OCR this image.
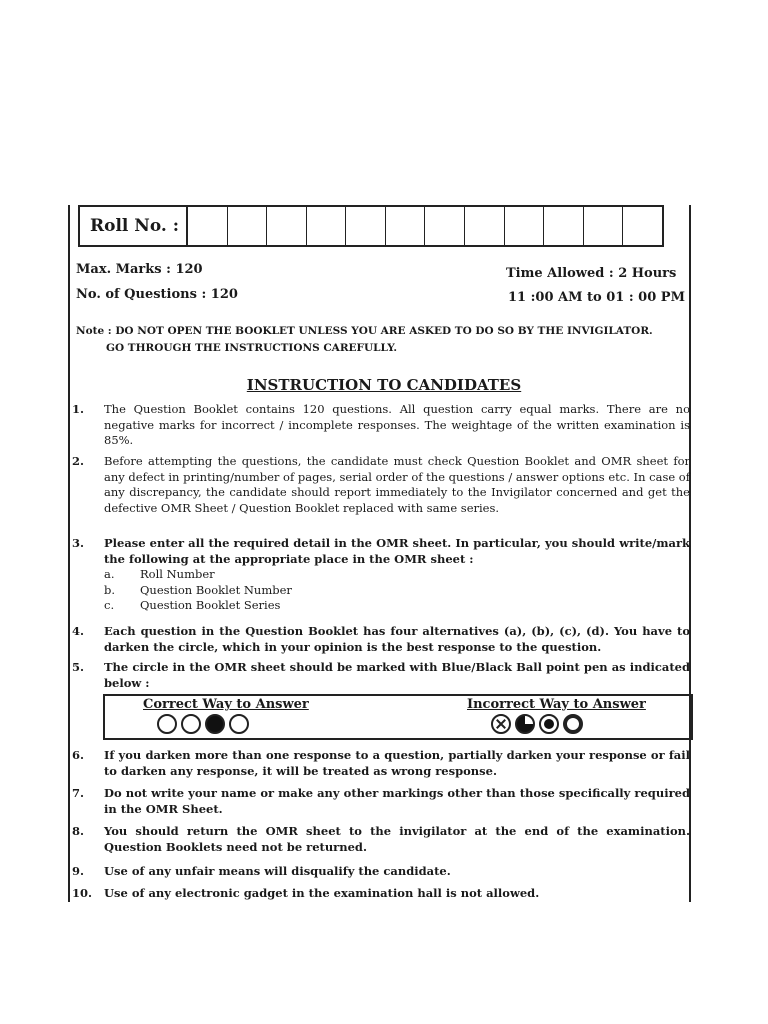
Roll No. :
Max. Marks : 120
No. of Questions : 120
Time Allowed : 2 Hours
11 :00 AM to 01 : 00 PM
Note : DO NOT OPEN THE BOOKLET UNLESS YOU ARE ASKED TO DO SO BY THE INVIGILATOR.
GO THROUGH THE INSTRUCTIONS CAREFULLY.
INSTRUCTION TO CANDIDATES
1.	The Question Booklet contains 120 questions. All question carry equal marks. There are no negative marks for incorrect / incomplete responses. The weightage of the written examination is 85%.
2.	Before attempting the questions, the candidate must check Question Booklet and OMR sheet for any defect in printing/number of pages, serial order of the questions / answer options etc. In case of any discrepancy, the candidate should report immediately to the Invigilator concerned and get the defective OMR Sheet / Question Booklet replaced with same series.
3.	Please enter all the required detail in the OMR sheet. In particular, you should write/mark the following at the appropriate place in the OMR sheet :
a.	Roll Number
b.	Question Booklet Number
c.	Question Booklet Series
4.	Each question in the Question Booklet has four alternatives (a), (b), (c), (d). You have to darken the circle, which in your opinion is the best response to the question.
5.	The circle in the OMR sheet should be marked with Blue/Black Ball point pen as indicated below :
Correct Way to Answer	Incorrect Way to Answer
6.	If you darken more than one response to a question, partially darken your response or fail to darken any response, it will be treated as wrong response.
7.	Do not write your name or make any other markings other than those specifically required in the OMR Sheet.
8.	You should return the OMR sheet to the invigilator at the end of the examination. Question Booklets need not be returned.
9.	Use of any unfair means will disqualify the candidate.
10.	Use of any electronic gadget in the examination hall is not allowed.
